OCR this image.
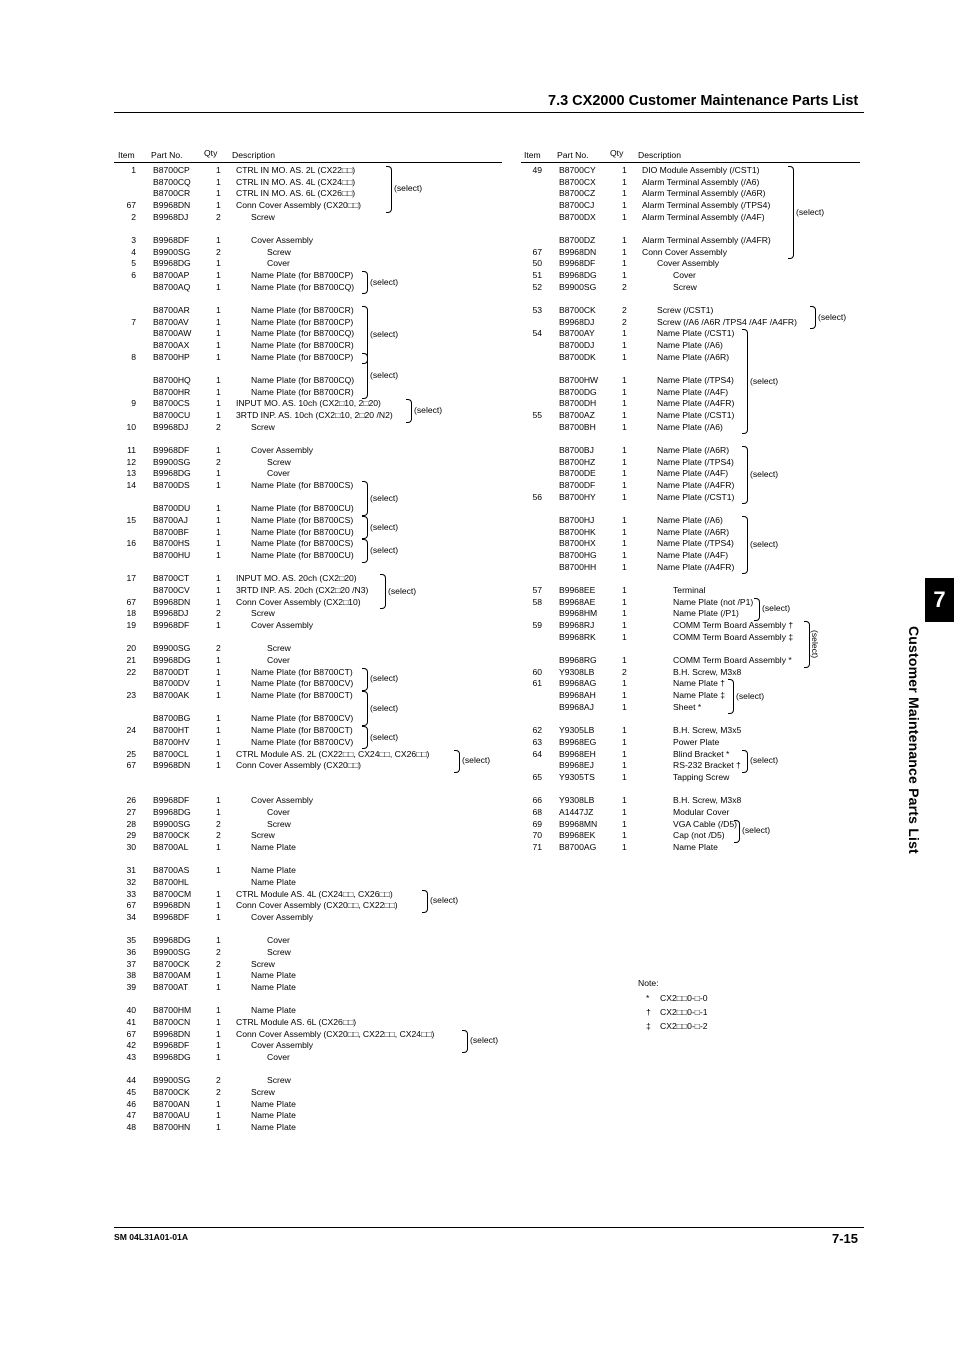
7.3 CX2000 Customer Maintenance Parts List
Item Part No. Qty Description	Item Part No. Qty Description
1 B8700CP	1 CTRL IN MO. AS. 2L (CX22□□)
B8700CQ	1 CTRL IN MO. AS. 4L (CX24□□)
B8700CR	1 CTRL IN MO. AS. 6L (CX26□□)
67 B9968DN	1 Conn Cover Assembly (CX20□□)
2 B9968DJ	2	Screw
3 B9968DF	1	Cover Assembly
4 B9900SG	2	Screw
5 B9968DG	1	Cover
6 B8700AP	1	Name Plate (for B8700CP)
B8700AQ	1	Name Plate (for B8700CQ)
B8700AR	1	Name Plate (for B8700CR)
7 B8700AV	1	Name Plate (for B8700CP)
B8700AW	1	Name Plate (for B8700CQ)
B8700AX	1	Name Plate (for B8700CR)
8 B8700HP	1	Name Plate (for B8700CP)
B8700HQ	1	Name Plate (for B8700CQ)
B8700HR	1	Name Plate (for B8700CR)
9 B8700CS	1 INPUT MO. AS. 10ch (CX2□10, 2□20)
B8700CU	1 3RTD INP. AS. 10ch (CX2□10, 2□20 /N2)
10 B9968DJ	2	Screw
11 B9968DF	1	Cover Assembly
12 B9900SG	2	Screw
13 B9968DG	1	Cover
14 B8700DS	1	Name Plate (for B8700CS)
B8700DU	1	Name Plate (for B8700CU)
15 B8700AJ	1	Name Plate (for B8700CS)
B8700BF	1	Name Plate (for B8700CU)
16 B8700HS	1	Name Plate (for B8700CS)
B8700HU	1	Name Plate (for B8700CU)
17 B8700CT	1 INPUT MO. AS. 20ch (CX2□20)
B8700CV	1 3RTD INP. AS. 20ch (CX2□20 /N3)
67 B9968DN	1 Conn Cover Assembly (CX2□10)
18 B9968DJ	2	Screw
19 B9968DF	1	Cover Assembly
20 B9900SG	2	Screw
21 B9968DG	1	Cover
22 B8700DT	1	Name Plate (for B8700CT)
B8700DV	1	Name Plate (for B8700CV)
23 B8700AK	1	Name Plate (for B8700CT)
B8700BG	1	Name Plate (for B8700CV)
24 B8700HT	1	Name Plate (for B8700CT)
B8700HV	1	Name Plate (for B8700CV)
25 B8700CL	1 CTRL Module AS. 2L (CX22□□, CX24□□, CX26□□)
67 B9968DN	1 Conn Cover Assembly (CX20□□)
26 B9968DF	1	Cover Assembly
27 B9968DG	1	Cover
28 B9900SG	2	Screw
29 B8700CK	2	Screw
30 B8700AL	1	Name Plate
31 B8700AS	1	Name Plate
32 B8700HL	Name Plate
33 B8700CM	1 CTRL Module AS. 4L (CX24□□, CX26□□)
67 B9968DN	1 Conn Cover Assembly (CX20□□, CX22□□)
34 B9968DF	1	Cover Assembly
35 B9968DG	1	Cover
36 B9900SG	2	Screw
37 B8700CK	2	Screw
38 B8700AM	1	Name Plate
39 B8700AT	1	Name Plate
40 B8700HM	1	Name Plate
41 B8700CN	1 CTRL Module AS. 6L (CX26□□)
67 B9968DN	1 Conn Cover Assembly (CX20□□, CX22□□, CX24□□)
42 B9968DF	1	Cover Assembly
43 B9968DG	1	Cover
44 B9900SG	2	Screw
45 B8700CK	2	Screw
46 B8700AN	1	Name Plate
47 B8700AU	1	Name Plate
48 B8700HN	1	Name Plate
49 B8700CY	1 DIO Module Assembly (/CST1)
B8700CX	1 Alarm Terminal Assembly (/A6)
B8700CZ	1 Alarm Terminal Assembly (/A6R)
B8700CJ	1 Alarm Terminal Assembly (/TPS4)
B8700DX	1 Alarm Terminal Assembly (/A4F)
B8700DZ	1 Alarm Terminal Assembly (/A4FR)
67 B9968DN	1 Conn Cover Assembly
50 B9968DF	1	Cover Assembly
51 B9968DG	1	Cover
52 B9900SG	2	Screw
53 B8700CK	2	Screw (/CST1)
B9968DJ	2	Screw (/A6 /A6R /TPS4 /A4F /A4FR)
54 B8700AY	1	Name Plate (/CST1)
B8700DJ	1	Name Plate (/A6)
B8700DK	1	Name Plate (/A6R)
B8700HW	1	Name Plate (/TPS4)
B8700DG	1	Name Plate (/A4F)
B8700DH	1	Name Plate (/A4FR)
55 B8700AZ	1	Name Plate (/CST1)
B8700BH	1	Name Plate (/A6)
B8700BJ	1	Name Plate (/A6R)
B8700HZ	1	Name Plate (/TPS4)
B8700DE	1	Name Plate (/A4F)
B8700DF	1	Name Plate (/A4FR)
56 B8700HY	1	Name Plate (/CST1)
B8700HJ	1	Name Plate (/A6)
B8700HK	1	Name Plate (/A6R)
B8700HX	1	Name Plate (/TPS4)
B8700HG	1	Name Plate (/A4F)
B8700HH	1	Name Plate (/A4FR)
57 B9968EE	1	Terminal
58 B9968AE	1	Name Plate (not /P1)
B9968HM	1	Name Plate (/P1)
59 B9968RJ	1	COMM Term Board Assembly †
B9968RK	1	COMM Term Board Assembly ‡
B9968RG	1	COMM Term Board Assembly *
60 Y9308LB	2	B.H. Screw, M3x8
61 B9968AG	1	Name Plate †
B9968AH	1	Name Plate ‡
B9968AJ	1	Sheet *
62 Y9305LB	1	B.H. Screw, M3x5
63 B9968EG	1	Power Plate
64 B9968EH	1	Blind Bracket *
B9968EJ	1	RS-232 Bracket †
65 Y9305TS	1	Tapping Screw
66 Y9308LB	1	B.H. Screw, M3x8
68 A1447JZ	1	Modular Cover
69 B9968MN	1	VGA Cable (/D5)
70 B9968EK	1	Cap (not /D5)
71 B8700AG	1	Name Plate
(select)
(select)
(select)
(select)
(select)
(select)
(select)
(select)
(select)
(select)
(select)
(select)
(select)
(select)
(select)
(select)
(select)
(select)
(select)
(select)
(select)
(select)
(select)
(select)
(select)
Note:
* CX2□□0-□-0
† CX2□□0-□-1
‡ CX2□□0-□-2
7
Customer Maintenance Parts List
SM 04L31A01-01A	7-15
